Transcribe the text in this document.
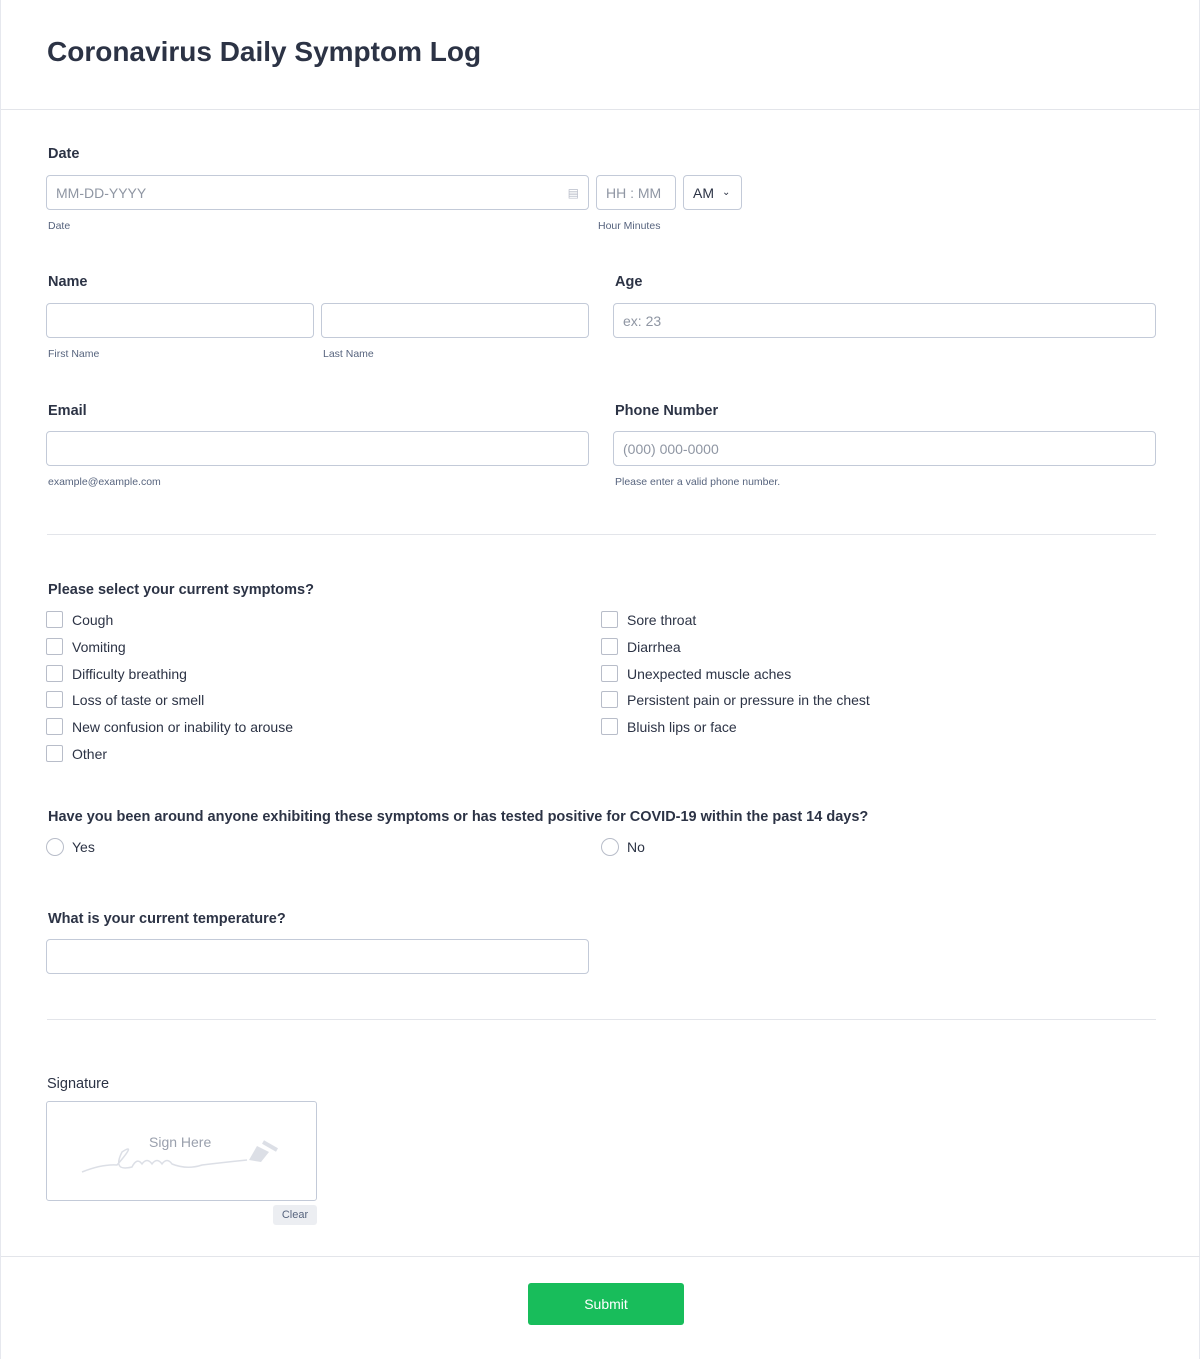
Coronavirus Daily Symptom Log
Date
MM-DD-YYYY	▤
Date
HH : MM	AM ⌄
Hour Minutes
Name
First Name	Last Name
Age
ex: 23
Email
example@example.com
Phone Number
(000) 000-0000
Please enter a valid phone number.
Please select your current symptoms?
Cough
Vomiting
Difficulty breathing
Loss of taste or smell
New confusion or inability to arouse
Other
Sore throat
Diarrhea
Unexpected muscle aches
Persistent pain or pressure in the chest
Bluish lips or face
Have you been around anyone exhibiting these symptoms or has tested positive for COVID-19 within the past 14 days?
Yes	No
What is your current temperature?
Signature
Sign Here
Clear
Submit
